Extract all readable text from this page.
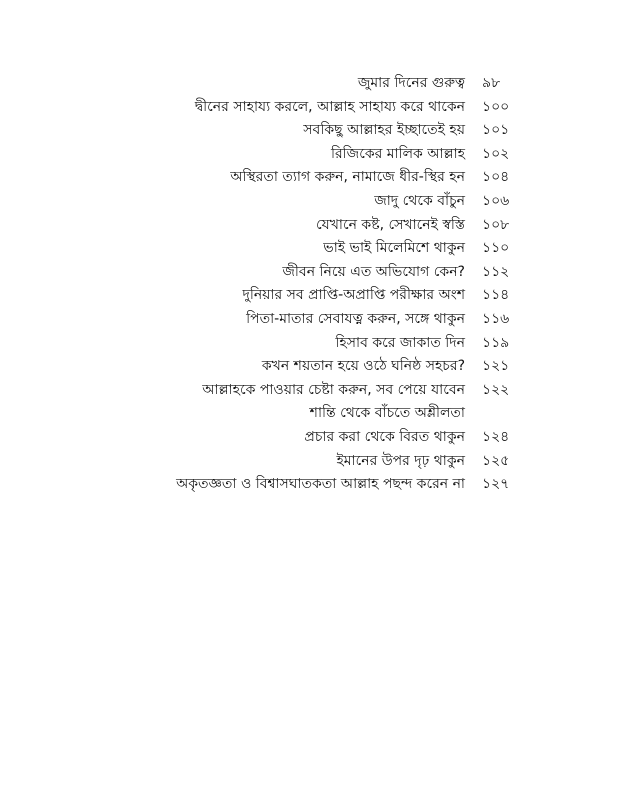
জুমার দিনের গুরুত্ব ৯৮
দ্বীনের সাহায্য করলে, আল্লাহ সাহায্য করে থাকেন ১০০
সবকিছু আল্লাহর ইচ্ছাতেই হয় ১০১
রিজিকের মালিক আল্লাহ ১০২
অস্থিরতা ত্যাগ করুন, নামাজে ধীর-স্থির হন ১০৪
জাদু থেকে বাঁচুন ১০৬
যেখানে কষ্ট, সেখানেই স্বস্তি ১০৮
ভাই ভাই মিলেমিশে থাকুন ১১০
জীবন নিয়ে এত অভিযোগ কেন? ১১২
দুনিয়ার সব প্রাপ্তি-অপ্রাপ্তি পরীক্ষার অংশ ১১৪
পিতা-মাতার সেবাযত্ন করুন, সঙ্গে থাকুন ১১৬
হিসাব করে জাকাত দিন ১১৯
কখন শয়তান হয়ে ওঠে ঘনিষ্ঠ সহচর? ১২১
আল্লাহকে পাওয়ার চেষ্টা করুন, সব পেয়ে যাবেন ১২২
শান্তি থেকে বাঁচতে অশ্লীলতা
প্রচার করা থেকে বিরত থাকুন ১২৪
ইমানের উপর দৃঢ় থাকুন ১২৫
অকৃতজ্ঞতা ও বিশ্বাসঘাতকতা আল্লাহ পছন্দ করেন না ১২৭
